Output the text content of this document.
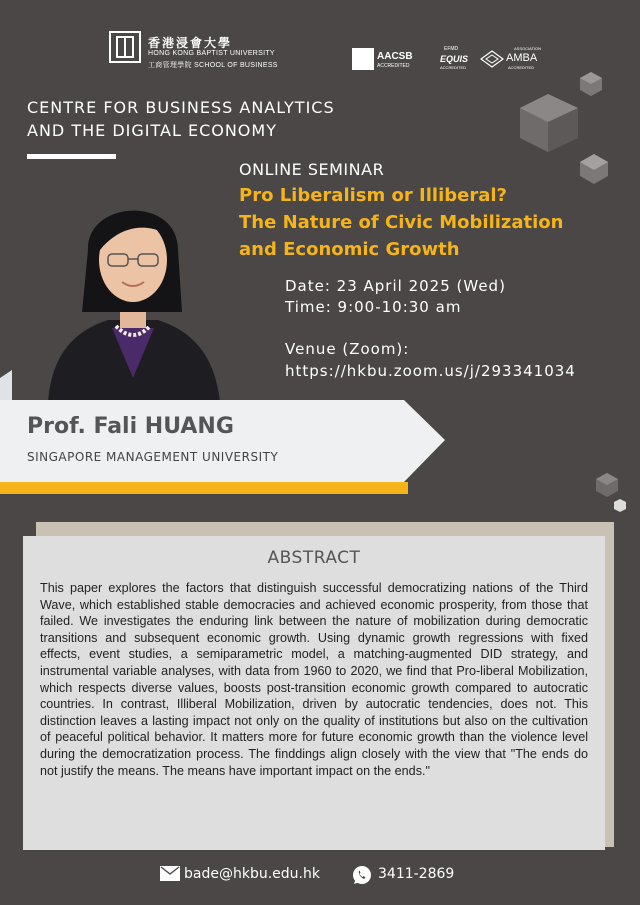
香港浸會大學
HONG KONG BAPTIST UNIVERSITY
工商管理學院 SCHOOL OF BUSINESS
AACSB
ACCREDITED
EFMD
EQUIS
ACCREDITED
ASSOCIATION
AMBA
ACCREDITED
CENTRE FOR BUSINESS ANALYTICS
AND THE DIGITAL ECONOMY
ONLINE SEMINAR
Pro Liberalism or Illiberal?
The Nature of Civic Mobilization
and Economic Growth
Date: 23 April 2025 (Wed)
Time: 9:00-10:30 am
Venue (Zoom):
https://hkbu.zoom.us/j/293341034
Prof. Fali HUANG
SINGAPORE MANAGEMENT UNIVERSITY
ABSTRACT
This paper explores the factors that distinguish successful democratizing nations of the Third Wave, which established stable democracies and achieved economic prosperity, from those that failed. We investigates the enduring link between the nature of mobilization during democratic transitions and subsequent economic growth. Using dynamic growth regressions with fixed effects, event studies, a semiparametric model, a matching-augmented DID strategy, and instrumental variable analyses, with data from 1960 to 2020, we find that Pro-liberal Mobilization, which respects diverse values, boosts post-transition economic growth compared to autocratic countries. In contrast, Illiberal Mobilization, driven by autocratic tendencies, does not. This distinction leaves a lasting impact not only on the quality of institutions but also on the cultivation of peaceful political behavior. It matters more for future economic growth than the violence level during the democratization process. The finddings align closely with the view that "The ends do not justify the means. The means have important impact on the ends."
bade@hkbu.edu.hk	3411-2869
